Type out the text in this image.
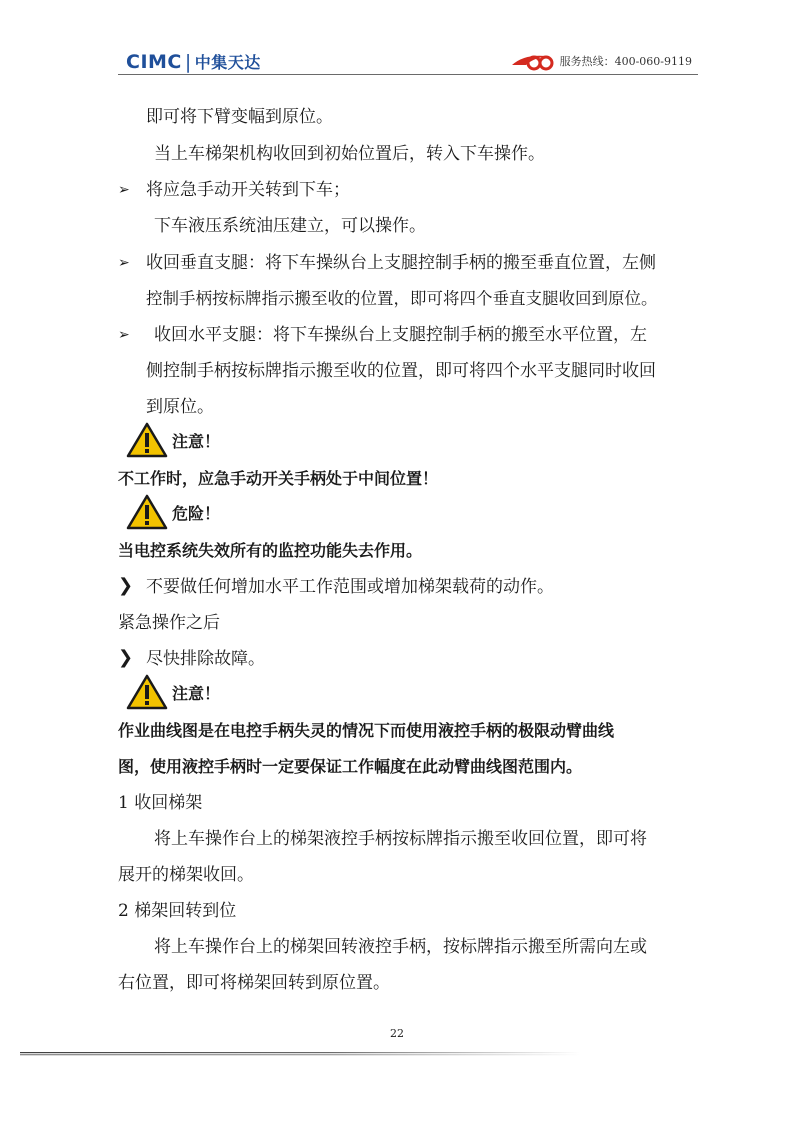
CIMC | 中集天达	服务热线：400-060-9119
即可将下臂变幅到原位。
当上车梯架机构收回到初始位置后，转入下车操作。
➢ 将应急手动开关转到下车；
下车液压系统油压建立，可以操作。
➢ 收回垂直支腿：将下车操纵台上支腿控制手柄的搬至垂直位置，左侧
控制手柄按标牌指示搬至收的位置，即可将四个垂直支腿收回到原位。
➢ 收回水平支腿：将下车操纵台上支腿控制手柄的搬至水平位置，左
侧控制手柄按标牌指示搬至收的位置，即可将四个水平支腿同时收回
到原位。
注意！
不工作时，应急手动开关手柄处于中间位置！
危险！
当电控系统失效所有的监控功能失去作用。
❯ 不要做任何增加水平工作范围或增加梯架载荷的动作。
紧急操作之后
❯ 尽快排除故障。
注意！
作业曲线图是在电控手柄失灵的情况下而使用液控手柄的极限动臂曲线
图，使用液控手柄时一定要保证工作幅度在此动臂曲线图范围内。
1 收回梯架
将上车操作台上的梯架液控手柄按标牌指示搬至收回位置，即可将
展开的梯架收回。
2 梯架回转到位
将上车操作台上的梯架回转液控手柄，按标牌指示搬至所需向左或
右位置，即可将梯架回转到原位置。
22
